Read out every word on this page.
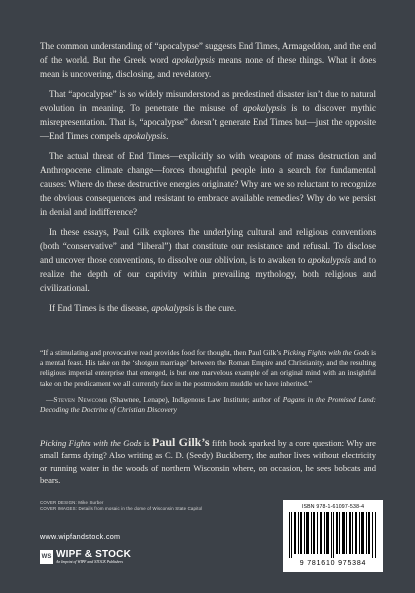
The common understanding of “apocalypse” suggests End Times, Armageddon, and the end of the world. But the Greek word apokalypsis means none of these things. What it does mean is uncovering, disclosing, and revelatory.

That “apocalypse” is so widely misunderstood as predestined disaster isn’t due to natural evolution in meaning. To penetrate the misuse of apokalypsis is to discover mythic misrepresentation. That is, “apocalypse” doesn’t generate End Times but—just the opposite—End Times compels apokalypsis.

The actual threat of End Times—explicitly so with weapons of mass destruction and Anthropocene climate change—forces thoughtful people into a search for fundamental causes: Where do these destructive energies originate? Why are we so reluctant to recognize the obvious consequences and resistant to embrace available remedies? Why do we persist in denial and indifference?

In these essays, Paul Gilk explores the underlying cultural and religious conventions (both “conservative” and “liberal”) that constitute our resistance and refusal. To disclose and uncover those conventions, to dissolve our oblivion, is to awaken to apokalypsis and to realize the depth of our captivity within prevailing mythology, both religious and civilizational.

If End Times is the disease, apokalypsis is the cure.

“If a stimulating and provocative read provides food for thought, then Paul Gilk’s Picking Fights with the Gods is a mental feast. His take on the ‘shotgun marriage’ between the Roman Empire and Christianity, and the resulting religious imperial enterprise that emerged, is but one marvelous example of an original mind with an insightful take on the predicament we all currently face in the postmodern muddle we have inherited.”

—Steven Newcomb (Shawnee, Lenape), Indigenous Law Institute; author of Pagans in the Promised Land: Decoding the Doctrine of Christian Discovery

Picking Fights with the Gods is Paul Gilk’s fifth book sparked by a core question: Why are small farms dying? Also writing as C. D. (Seedy) Buckberry, the author lives without electricity or running water in the woods of northern Wisconsin where, on occasion, he sees bobcats and bears.
COVER DESIGN: Mike Surber
COVER IMAGES: Details from mosaic in the dome of Wisconsin State Capitol
www.wipfandstock.com
WS WIPF & STOCK
An Imprint of WIPF and STOCK Publishers
ISBN 978-1-61097-538-4
9 781610 975384
